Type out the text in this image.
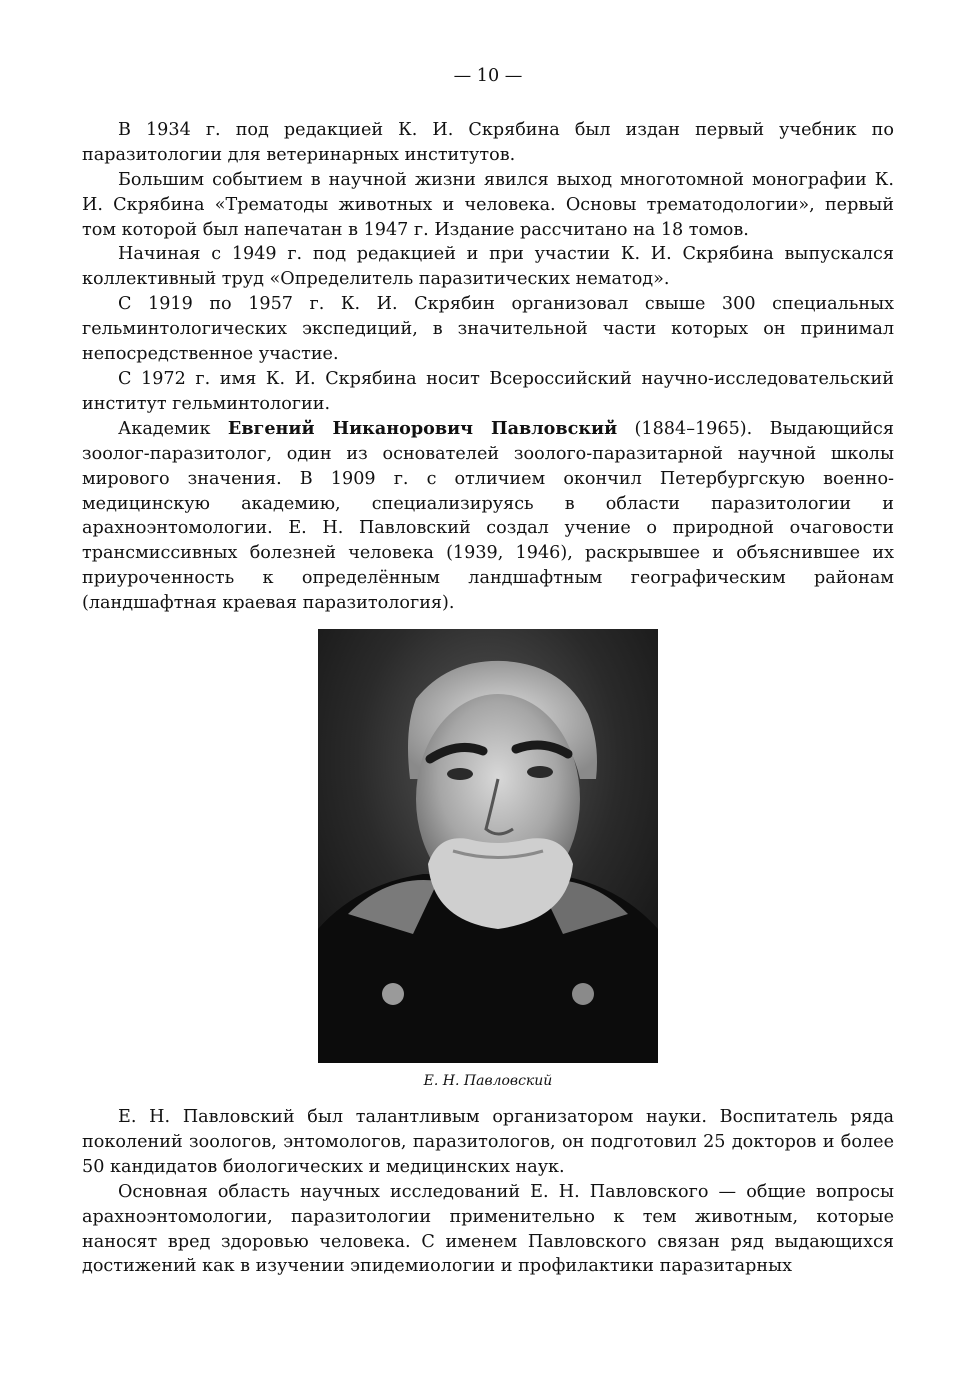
— 10 —

В 1934 г. под редакцией К. И. Скрябина был издан первый учебник по паразитологии для ветеринарных институтов.

Большим событием в научной жизни явился выход многотомной монографии К. И. Скрябина «Трематоды животных и человека. Основы трематодологии», первый том которой был напечатан в 1947 г. Издание рассчитано на 18 томов.

Начиная с 1949 г. под редакцией и при участии К. И. Скрябина выпускался коллективный труд «Определитель паразитических нематод».

С 1919 по 1957 г. К. И. Скрябин организовал свыше 300 специальных гельминтологических экспедиций, в значительной части которых он принимал непосредственное участие.

С 1972 г. имя К. И. Скрябина носит Всероссийский научно-исследовательский институт гельминтологии.

Академик Евгений Никанорович Павловский (1884–1965). Выдающийся зоолог-паразитолог, один из основателей зоолого-паразитарной научной школы мирового значения. В 1909 г. с отличием окончил Петербургскую военно-медицинскую академию, специализируясь в области паразитологии и арахноэнтомологии. Е. Н. Павловский создал учение о природной очаговости трансмиссивных болезней человека (1939, 1946), раскрывшее и объяснившее их приуроченность к определённым ландшафтным географическим районам (ландшафтная краевая паразитология).

Е. Н. Павловский

Е. Н. Павловский был талантливым организатором науки. Воспитатель ряда поколений зоологов, энтомологов, паразитологов, он подготовил 25 докторов и более 50 кандидатов биологических и медицинских наук.

Основная область научных исследований Е. Н. Павловского — общие вопросы арахноэнтомологии, паразитологии применительно к тем животным, которые наносят вред здоровью человека. С именем Павловского связан ряд выдающихся достижений как в изучении эпидемиологии и профилактики паразитарных
